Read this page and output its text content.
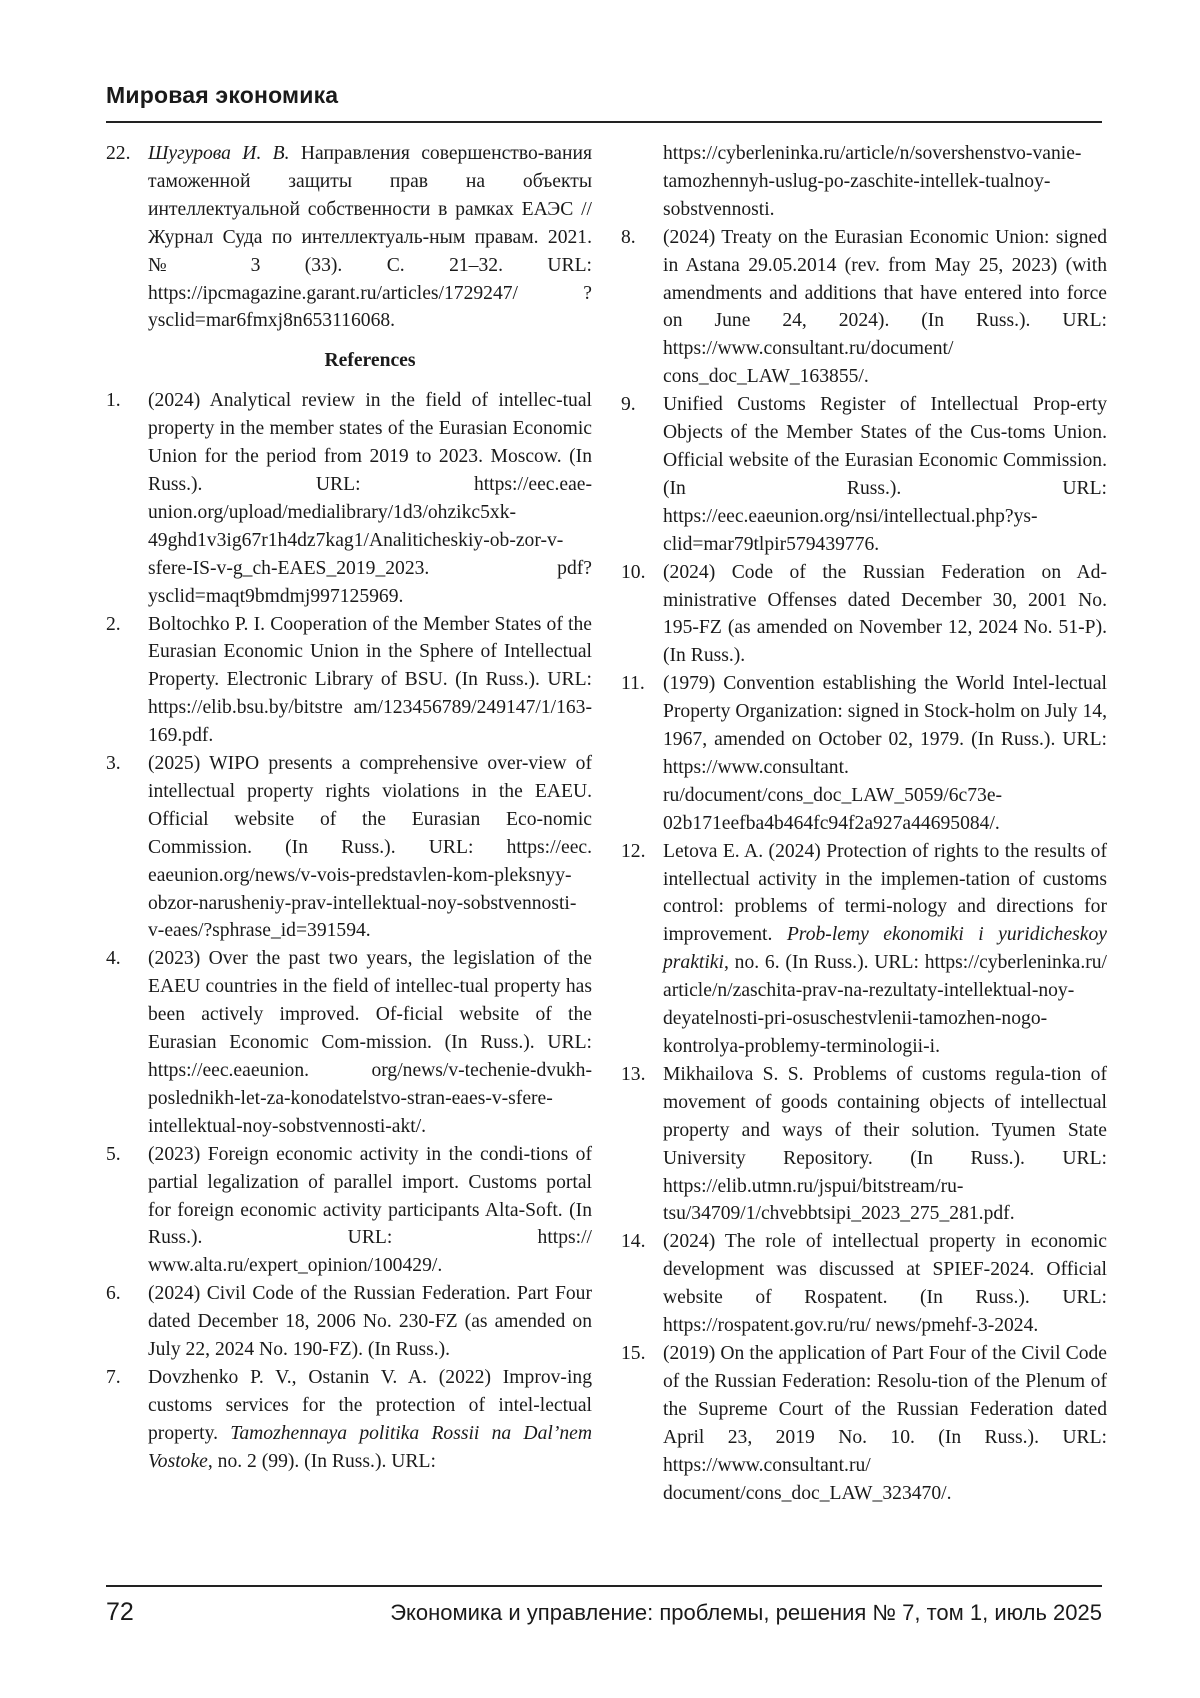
Мировая экономика

22. Шугурова И. В. Направления совершенство-вания таможенной защиты прав на объекты интеллектуальной собственности в рамках ЕАЭС // Журнал Суда по интеллектуаль-ным правам. 2021. № 3 (33). С. 21–32. URL: https://ipcmagazine.garant.ru/articles/1729247/ ?ysclid=mar6fmxj8n653116068.

References

1. (2024) Analytical review in the field of intellec-tual property in the member states of the Eurasian Economic Union for the period from 2019 to 2023. Moscow. (In Russ.). URL: https://eec.eae-union.org/upload/medialibrary/1d3/ohzikc5xk-49ghd1v3ig67r1h4dz7kag1/Analiticheskiy-ob-zor-v-sfere-IS-v-g_ch-EAES_2019_2023. pdf?ysclid=maqt9bmdmj997125969.

2. Boltochko P. I. Cooperation of the Member States of the Eurasian Economic Union in the Sphere of Intellectual Property. Electronic Library of BSU. (In Russ.). URL: https://elib.bsu.by/bitstre am/123456789/249147/1/163-169.pdf.

3. (2025) WIPO presents a comprehensive over-view of intellectual property rights violations in the EAEU. Official website of the Eurasian Eco-nomic Commission. (In Russ.). URL: https://eec. eaeunion.org/news/v-vois-predstavlen-kom-pleksnyy-obzor-narusheniy-prav-intellektual-noy-sobstvennosti-v-eaes/?sphrase_id=391594.

4. (2023) Over the past two years, the legislation of the EAEU countries in the field of intellec-tual property has been actively improved. Of-ficial website of the Eurasian Economic Com-mission. (In Russ.). URL: https://eec.eaeunion. org/news/v-techenie-dvukh-poslednikh-let-za-konodatelstvo-stran-eaes-v-sfere-intellektual-noy-sobstvennosti-akt/.

5. (2023) Foreign economic activity in the condi-tions of partial legalization of parallel import. Customs portal for foreign economic activity participants Alta-Soft. (In Russ.). URL: https:// www.alta.ru/expert_opinion/100429/.

6. (2024) Civil Code of the Russian Federation. Part Four dated December 18, 2006 No. 230-FZ (as amended on July 22, 2024 No. 190-FZ). (In Russ.).

7. Dovzhenko P. V., Ostanin V. A. (2022) Improv-ing customs services for the protection of intel-lectual property. Tamozhennaya politika Rossii na Dal’nem Vostoke, no. 2 (99). (In Russ.). URL:

https://cyberleninka.ru/article/n/sovershenstvo-vanie-tamozhennyh-uslug-po-zaschite-intellek-tualnoy-sobstvennosti.

8. (2024) Treaty on the Eurasian Economic Union: signed in Astana 29.05.2014 (rev. from May 25, 2023) (with amendments and additions that have entered into force on June 24, 2024). (In Russ.). URL: https://www.consultant.ru/document/ cons_doc_LAW_163855/.

9. Unified Customs Register of Intellectual Prop-erty Objects of the Member States of the Cus-toms Union. Official website of the Eurasian Economic Commission. (In Russ.). URL: https://eec.eaeunion.org/nsi/intellectual.php?ys-clid=mar79tlpir579439776.

10. (2024) Code of the Russian Federation on Ad-ministrative Offenses dated December 30, 2001 No. 195-FZ (as amended on November 12, 2024 No. 51-P). (In Russ.).

11. (1979) Convention establishing the World Intel-lectual Property Organization: signed in Stock-holm on July 14, 1967, amended on October 02, 1979. (In Russ.). URL: https://www.consultant. ru/document/cons_doc_LAW_5059/6c73e-02b171eefba4b464fc94f2a927a44695084/.

12. Letova E. A. (2024) Protection of rights to the results of intellectual activity in the implemen-tation of customs control: problems of termi-nology and directions for improvement. Prob-lemy ekonomiki i yuridicheskoy praktiki, no. 6. (In Russ.). URL: https://cyberleninka.ru/ article/n/zaschita-prav-na-rezultaty-intellektual-noy-deyatelnosti-pri-osuschestvlenii-tamozhen-nogo-kontrolya-problemy-terminologii-i.

13. Mikhailova S. S. Problems of customs regula-tion of movement of goods containing objects of intellectual property and ways of their solution. Tyumen State University Repository. (In Russ.). URL: https://elib.utmn.ru/jspui/bitstream/ru-tsu/34709/1/chvebbtsipi_2023_275_281.pdf.

14. (2024) The role of intellectual property in economic development was discussed at SPIEF-2024. Official website of Rospatent. (In Russ.). URL: https://rospatent.gov.ru/ru/ news/pmehf-3-2024.

15. (2019) On the application of Part Four of the Civil Code of the Russian Federation: Resolu-tion of the Plenum of the Supreme Court of the Russian Federation dated April 23, 2019 No. 10. (In Russ.). URL: https://www.consultant.ru/ document/cons_doc_LAW_323470/.

72	Экономика и управление: проблемы, решения № 7, том 1, июль 2025
